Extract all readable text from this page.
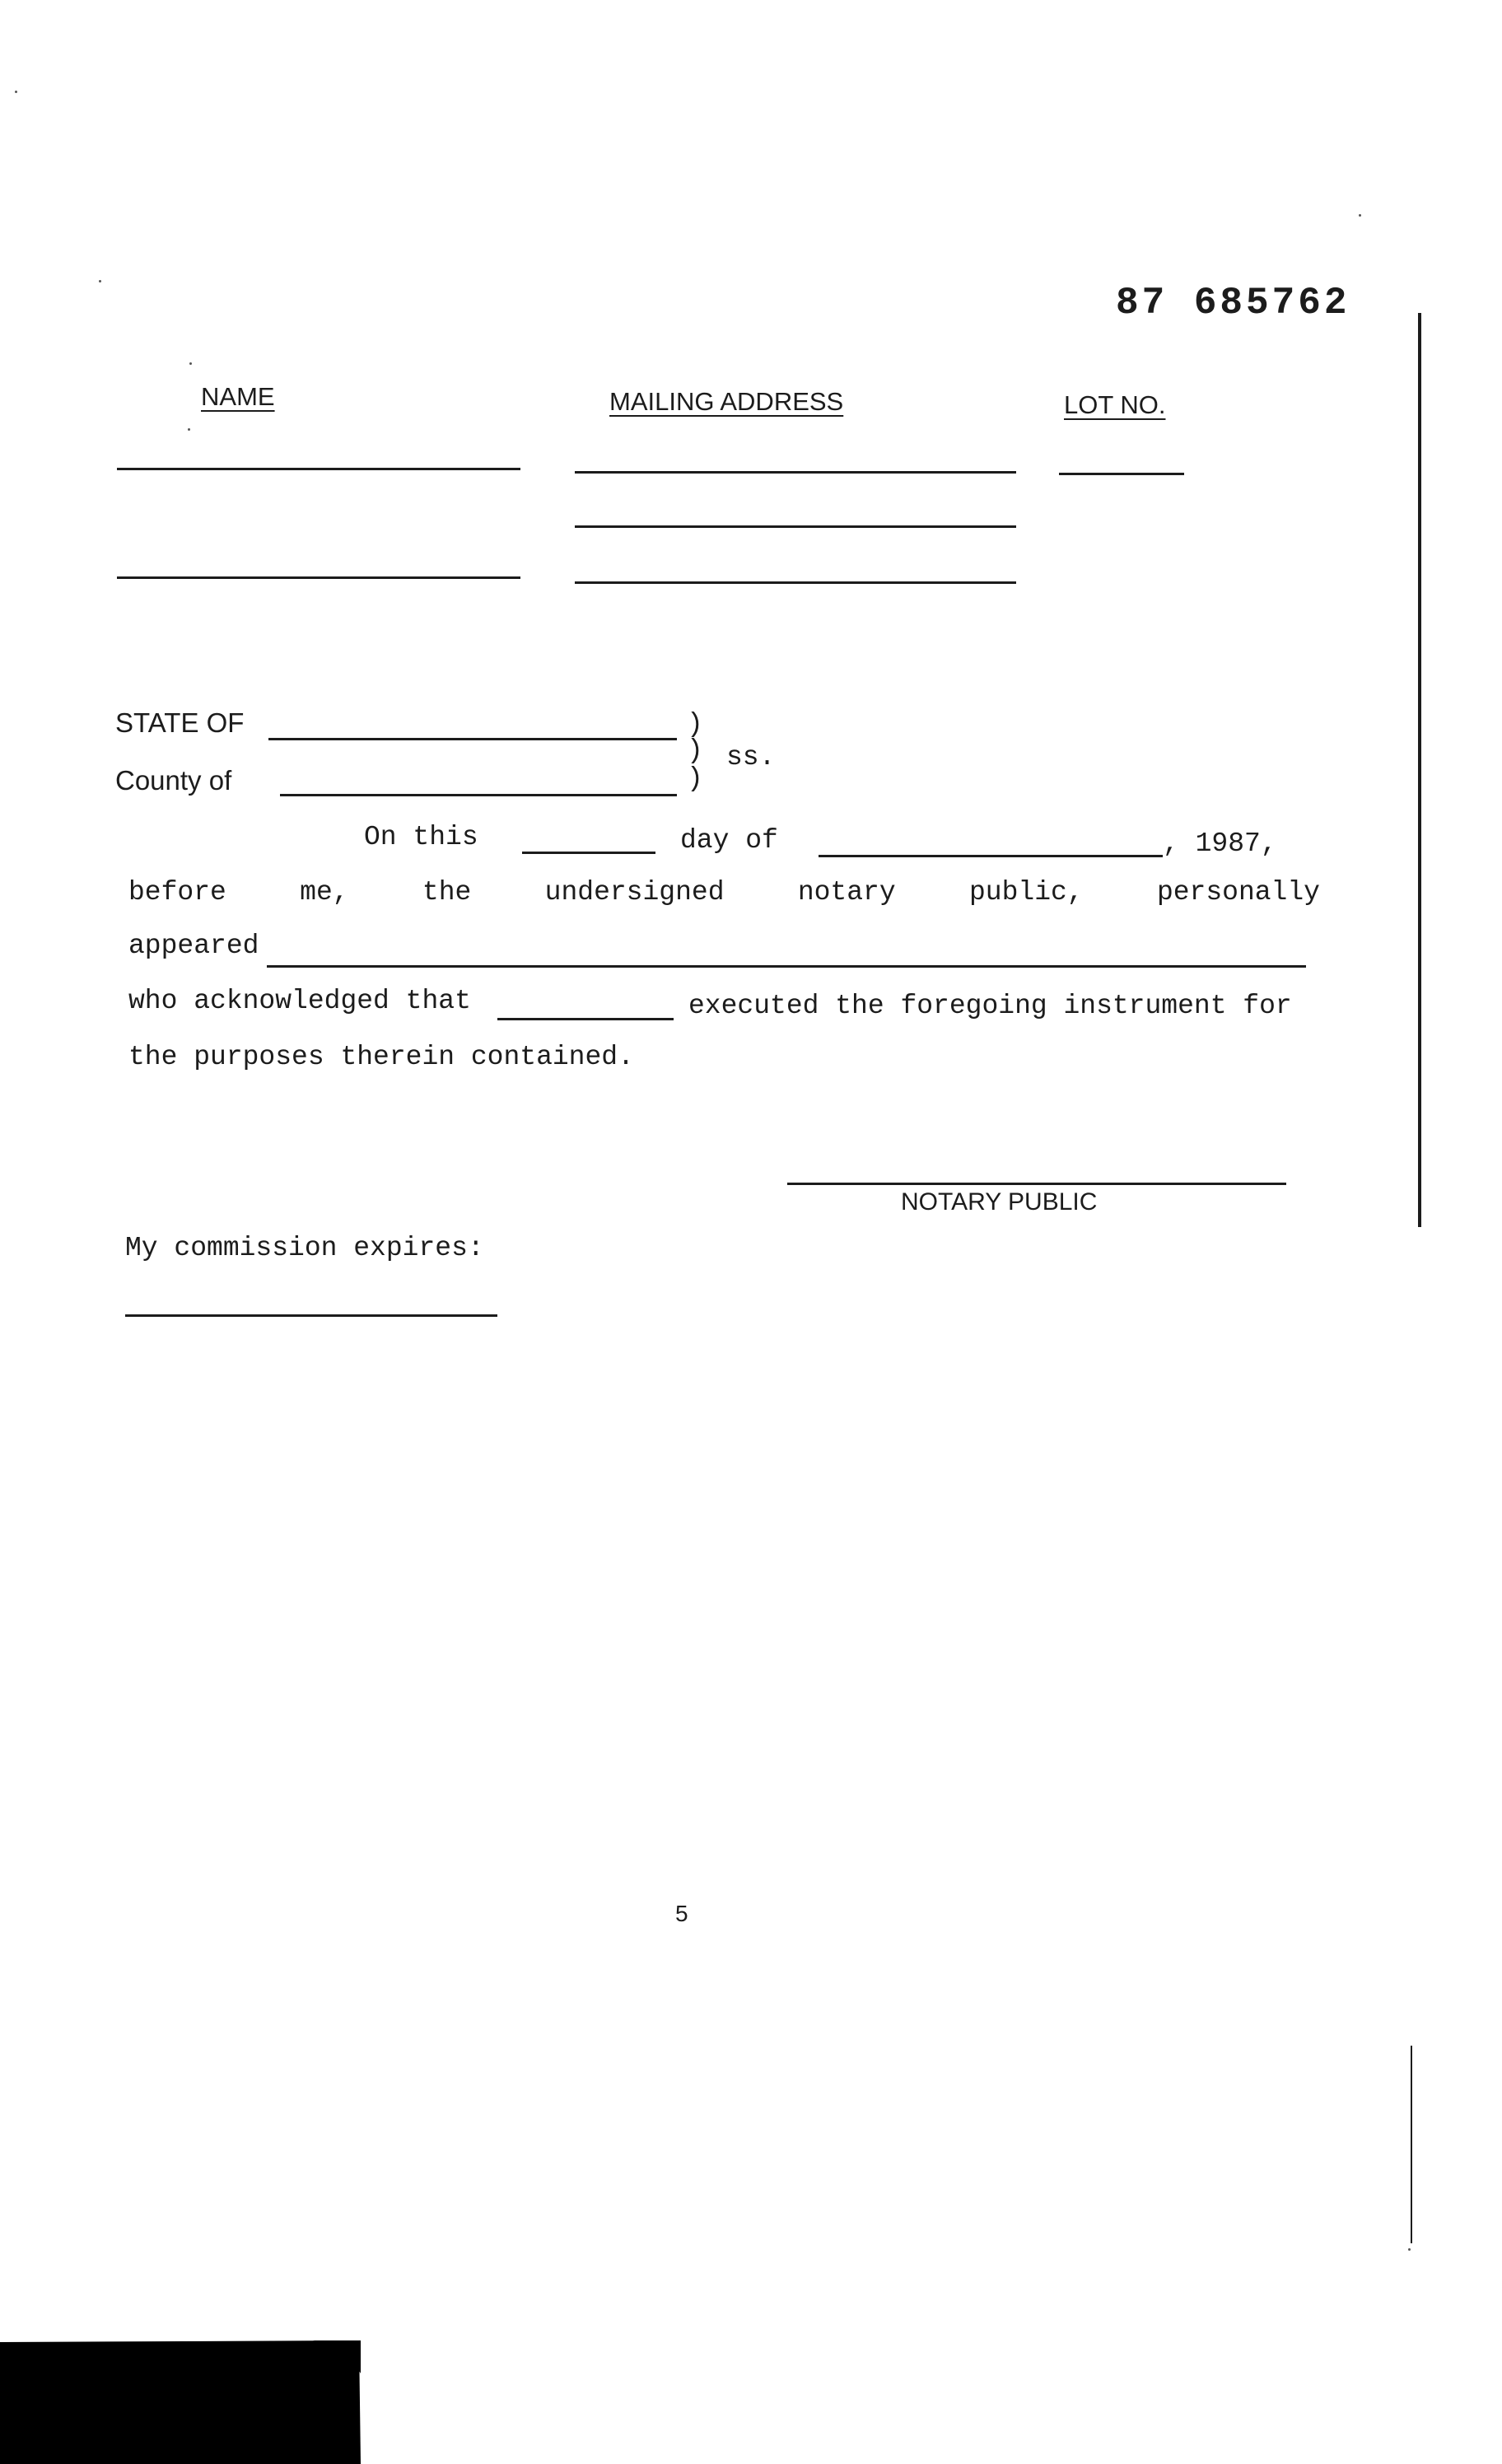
87 685762
NAME	MAILING ADDRESS	LOT NO.
STATE OF	)
)
)
ss.
County of
On this	day of	, 1987,
before	me,	the	undersigned	notary	public,	personally
appeared
who acknowledged that	executed the foregoing instrument for
the purposes therein contained.
NOTARY PUBLIC
My commission expires:
5
